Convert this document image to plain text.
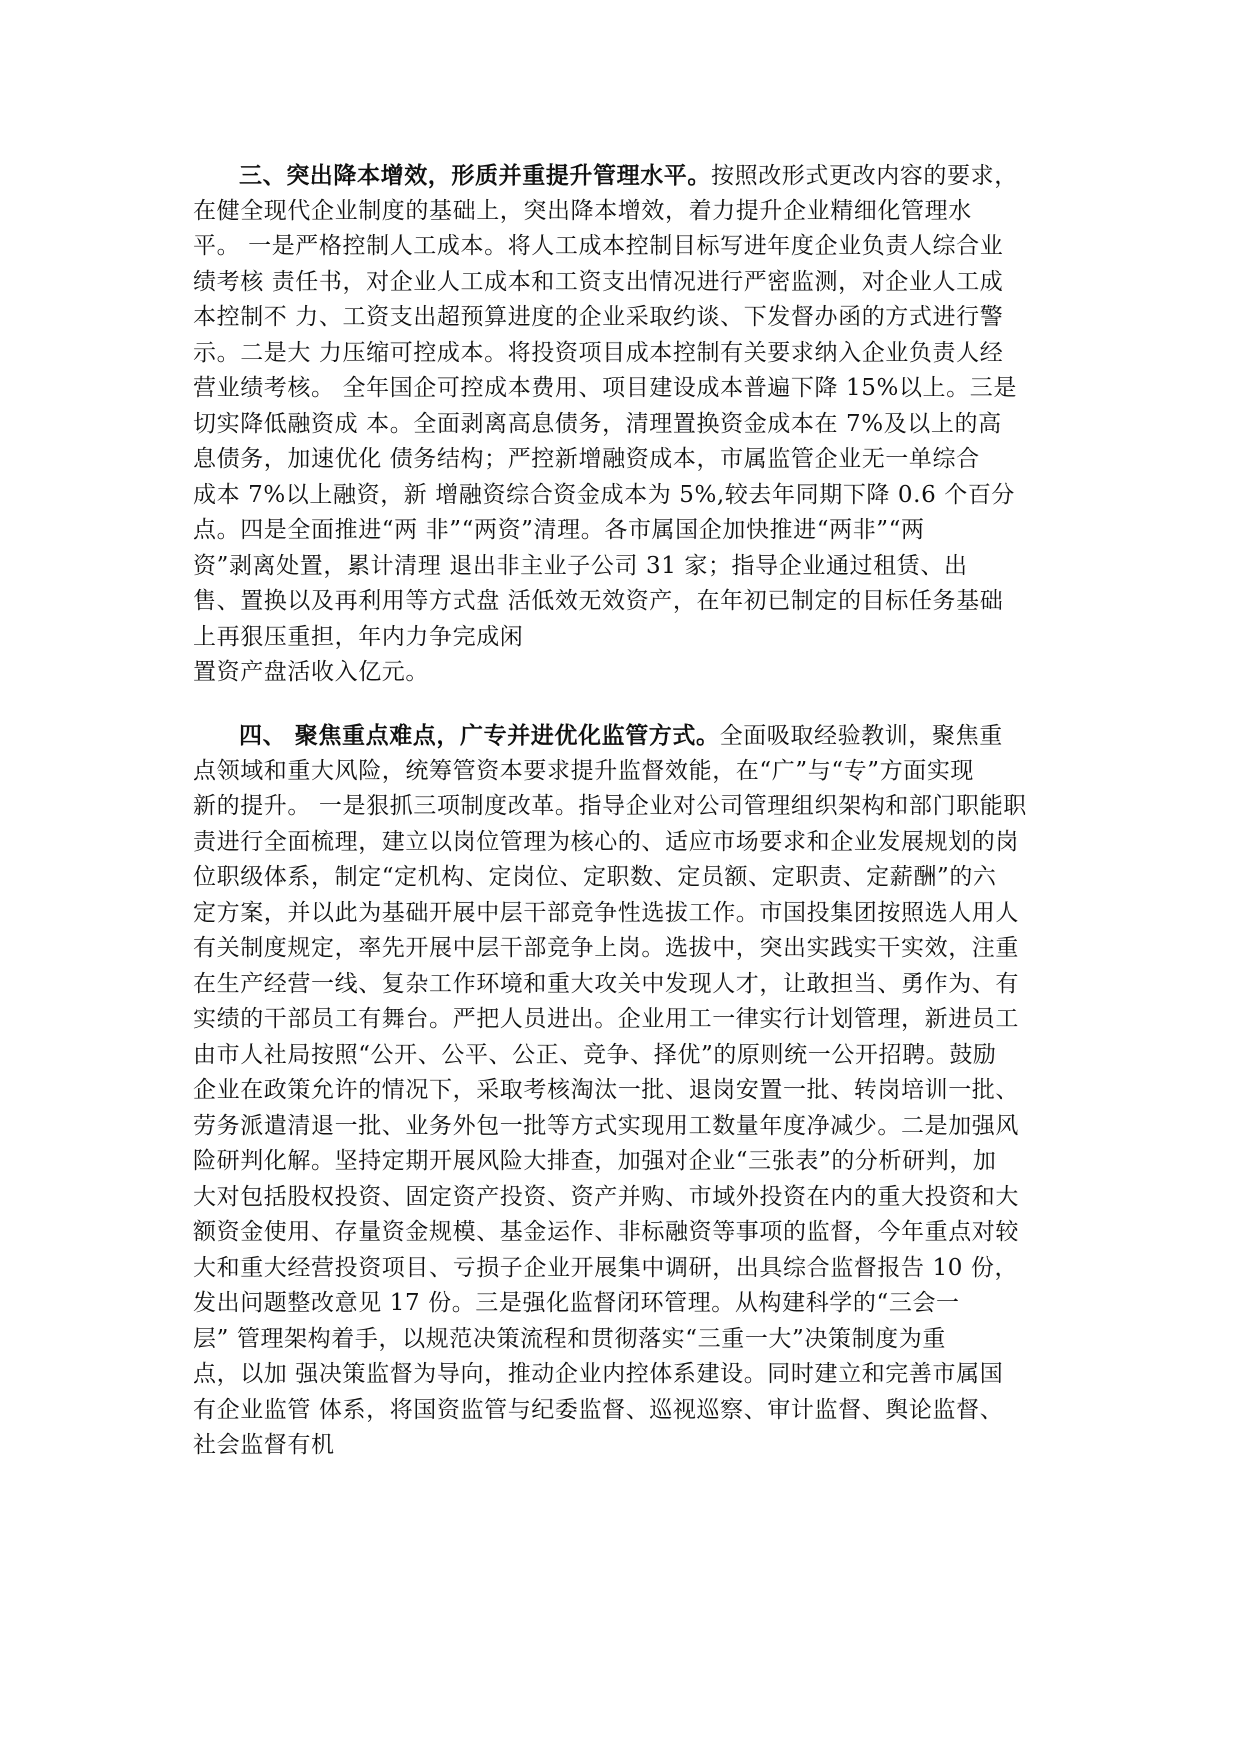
三、突出降本增效，形质并重提升管理水平。按照改形式更改内容的要求，
在健全现代企业制度的基础上，突出降本增效，着力提升企业精细化管理水
平。 一是严格控制人工成本。将人工成本控制目标写进年度企业负责人综合业
绩考核 责任书，对企业人工成本和工资支出情况进行严密监测，对企业人工成
本控制不 力、工资支出超预算进度的企业采取约谈、下发督办函的方式进行警
示。二是大 力压缩可控成本。将投资项目成本控制有关要求纳入企业负责人经
营业绩考核。 全年国企可控成本费用、项目建设成本普遍下降 15%以上。三是
切实降低融资成 本。全面剥离高息债务，清理置换资金成本在 7%及以上的高
息债务，加速优化 债务结构；严控新增融资成本，市属监管企业无一单综合
成本 7%以上融资，新 增融资综合资金成本为 5%,较去年同期下降 0.6 个百分
点。四是全面推进“两 非”“两资”清理。各市属国企加快推进“两非”“两
资”剥离处置，累计清理 退出非主业子公司 31 家；指导企业通过租赁、出
售、置换以及再利用等方式盘 活低效无效资产，在年初已制定的目标任务基础
上再狠压重担，年内力争完成闲
置资产盘活收入亿元。
四、 聚焦重点难点，广专并进优化监管方式。全面吸取经验教训，聚焦重
点领域和重大风险，统筹管资本要求提升监督效能，在“广”与“专”方面实现
新的提升。 一是狠抓三项制度改革。指导企业对公司管理组织架构和部门职能职
责进行全面梳理，建立以岗位管理为核心的、适应市场要求和企业发展规划的岗
位职级体系，制定“定机构、定岗位、定职数、定员额、定职责、定薪酬”的六
定方案，并以此为基础开展中层干部竞争性选拔工作。市国投集团按照选人用人
有关制度规定，率先开展中层干部竞争上岗。选拔中，突出实践实干实效，注重
在生产经营一线、复杂工作环境和重大攻关中发现人才，让敢担当、勇作为、有
实绩的干部员工有舞台。严把人员进出。企业用工一律实行计划管理，新进员工
由市人社局按照“公开、公平、公正、竞争、择优”的原则统一公开招聘。鼓励
企业在政策允许的情况下，采取考核淘汰一批、退岗安置一批、转岗培训一批、
劳务派遣清退一批、业务外包一批等方式实现用工数量年度净减少。二是加强风
险研判化解。坚持定期开展风险大排查，加强对企业“三张表”的分析研判，加
大对包括股权投资、固定资产投资、资产并购、市域外投资在内的重大投资和大
额资金使用、存量资金规模、基金运作、非标融资等事项的监督，今年重点对较
大和重大经营投资项目、亏损子企业开展集中调研，出具综合监督报告 10 份，
发出问题整改意见 17 份。三是强化监督闭环管理。从构建科学的“三会一
层” 管理架构着手，以规范决策流程和贯彻落实“三重一大”决策制度为重
点，以加 强决策监督为导向，推动企业内控体系建设。同时建立和完善市属国
有企业监管 体系，将国资监管与纪委监督、巡视巡察、审计监督、舆论监督、
社会监督有机
